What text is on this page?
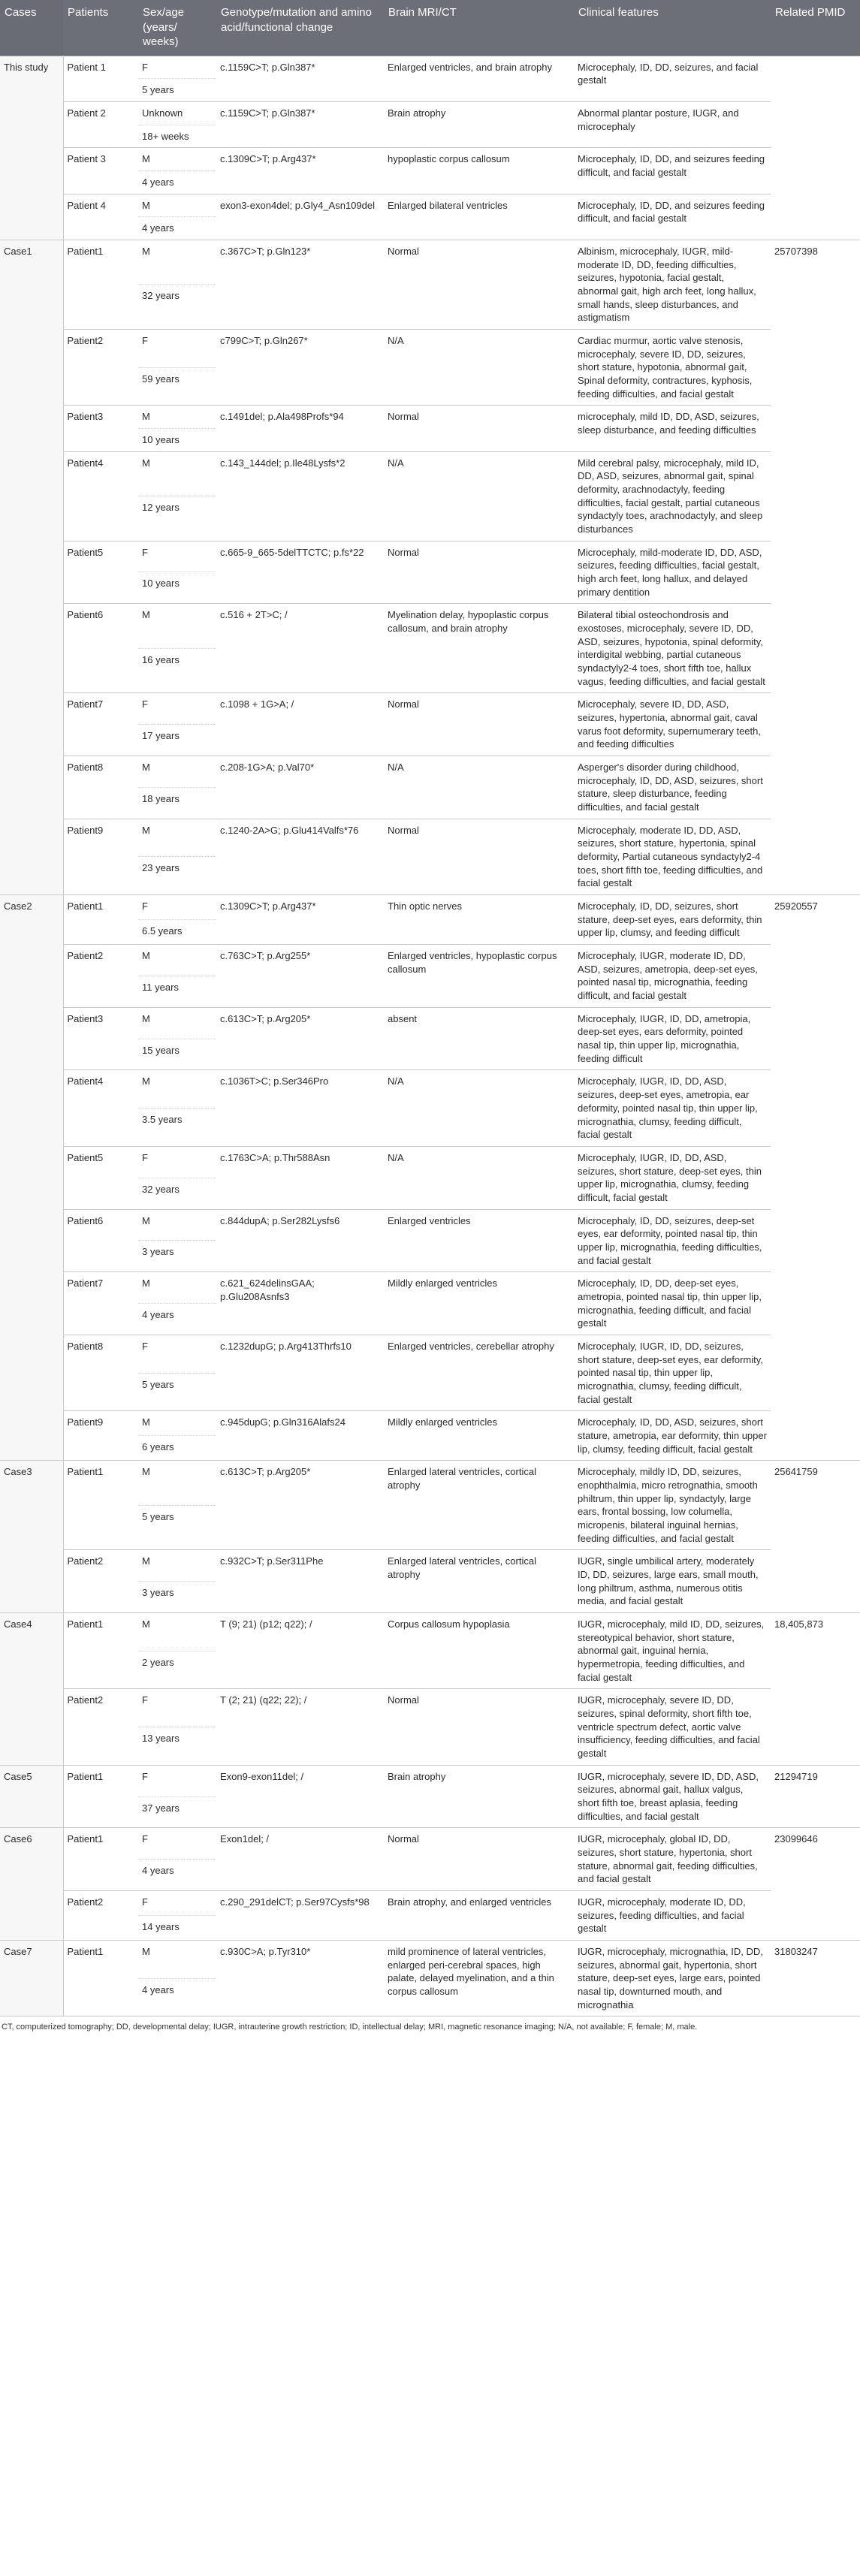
Cases	Patients	Sex/age (years/ weeks)	Genotype/mutation and amino acid/functional change	Brain MRI/CT	Clinical features	Related PMID
This study	Patient 1	F	c.1159C>T; p.Gln387*	Enlarged ventricles, and brain atrophy	Microcephaly, ID, DD, seizures, and facial gestalt	
		5 years				
	Patient 2	Unknown	c.1159C>T; p.Gln387*	Brain atrophy	Abnormal plantar posture, IUGR, and microcephaly	
		18+ weeks				
	Patient 3	M	c.1309C>T; p.Arg437*	hypoplastic corpus callosum	Microcephaly, ID, DD, and seizures feeding difficult, and facial gestalt	
		4 years				
	Patient 4	M	exon3-exon4del; p.Gly4_Asn109del	Enlarged bilateral ventricles	Microcephaly, ID, DD, and seizures feeding difficult, and facial gestalt	
		4 years				
Case1	Patient1	M	c.367C>T; p.Gln123*	Normal	Albinism, microcephaly, IUGR, mild-moderate ID, DD, feeding difficulties, seizures, hypotonia, facial gestalt, abnormal gait, high arch feet, long hallux, small hands, sleep disturbances, and astigmatism	25707398
		32 years				
	Patient2	F	c799C>T; p.Gln267*	N/A	Cardiac murmur, aortic valve stenosis, microcephaly, severe ID, DD, seizures, short stature, hypotonia, abnormal gait, Spinal deformity, contractures, kyphosis, feeding difficulties, and facial gestalt	
		59 years				
	Patient3	M	c.1491del; p.Ala498Profs*94	Normal	microcephaly, mild ID, DD, ASD, seizures, sleep disturbance, and feeding difficulties	
		10 years				
	Patient4	M	c.143_144del; p.Ile48Lysfs*2	N/A	Mild cerebral palsy, microcephaly, mild ID, DD, ASD, seizures, abnormal gait, spinal deformity, arachnodactyly, feeding difficulties, facial gestalt, partial cutaneous syndactyly toes, arachnodactyly, and sleep disturbances	
		12 years				
	Patient5	F	c.665-9_665-5delTTCTC; p.fs*22	Normal	Microcephaly, mild-moderate ID, DD, ASD, seizures, feeding difficulties, facial gestalt, high arch feet, long hallux, and delayed primary dentition	
		10 years				
	Patient6	M	c.516 + 2T>C; /	Myelination delay, hypoplastic corpus callosum, and brain atrophy	Bilateral tibial osteochondrosis and exostoses, microcephaly, severe ID, DD, ASD, seizures, hypotonia, spinal deformity, interdigital webbing, partial cutaneous syndactyly2-4 toes, short fifth toe, hallux vagus, feeding difficulties, and facial gestalt	
		16 years				
	Patient7	F	c.1098 + 1G>A; /	Normal	Microcephaly, severe ID, DD, ASD, seizures, hypertonia, abnormal gait, caval varus foot deformity, supernumerary teeth, and feeding difficulties	
		17 years				
	Patient8	M	c.208-1G>A; p.Val70*	N/A	Asperger's disorder during childhood, microcephaly, ID, DD, ASD, seizures, short stature, sleep disturbance, feeding difficulties, and facial gestalt	
		18 years				
	Patient9	M	c.1240-2A>G; p.Glu414Valfs*76	Normal	Microcephaly, moderate ID, DD, ASD, seizures, short stature, hypertonia, spinal deformity, Partial cutaneous syndactyly2-4 toes, short fifth toe, feeding difficulties, and facial gestalt	
		23 years				
Case2	Patient1	F	c.1309C>T; p.Arg437*	Thin optic nerves	Microcephaly, ID, DD, seizures, short stature, deep-set eyes, ears deformity, thin upper lip, clumsy, and feeding difficult	25920557
		6.5 years				
	Patient2	M	c.763C>T; p.Arg255*	Enlarged ventricles, hypoplastic corpus callosum	Microcephaly, IUGR, moderate ID, DD, ASD, seizures, ametropia, deep-set eyes, pointed nasal tip, micrognathia, feeding difficult, and facial gestalt	
		11 years				
	Patient3	M	c.613C>T; p.Arg205*	absent	Microcephaly, IUGR, ID, DD, ametropia, deep-set eyes, ears deformity, pointed nasal tip, thin upper lip, micrognathia, feeding difficult	
		15 years				
	Patient4	M	c.1036T>C; p.Ser346Pro	N/A	Microcephaly, IUGR, ID, DD, ASD, seizures, deep-set eyes, ametropia, ear deformity, pointed nasal tip, thin upper lip, micrognathia, clumsy, feeding difficult, facial gestalt	
		3.5 years				
	Patient5	F	c.1763C>A; p.Thr588Asn	N/A	Microcephaly, IUGR, ID, DD, ASD, seizures, short stature, deep-set eyes, thin upper lip, micrognathia, clumsy, feeding difficult, facial gestalt	
		32 years				
	Patient6	M	c.844dupA; p.Ser282Lysfs6	Enlarged ventricles	Microcephaly, ID, DD, seizures, deep-set eyes, ear deformity, pointed nasal tip, thin upper lip, micrognathia, feeding difficulties, and facial gestalt	
		3 years				
	Patient7	M	c.621_624delinsGAA; p.Glu208Asnfs3	Mildly enlarged ventricles	Microcephaly, ID, DD, deep-set eyes, ametropia, pointed nasal tip, thin upper lip, micrognathia, feeding difficult, and facial gestalt	
		4 years				
	Patient8	F	c.1232dupG; p.Arg413Thrfs10	Enlarged ventricles, cerebellar atrophy	Microcephaly, IUGR, ID, DD, seizures, short stature, deep-set eyes, ear deformity, pointed nasal tip, thin upper lip, micrognathia, clumsy, feeding difficult, facial gestalt	
		5 years				
	Patient9	M	c.945dupG; p.Gln316Alafs24	Mildly enlarged ventricles	Microcephaly, ID, DD, ASD, seizures, short stature, ametropia, ear deformity, thin upper lip, clumsy, feeding difficult, facial gestalt	
		6 years				
Case3	Patient1	M	c.613C>T; p.Arg205*	Enlarged lateral ventricles, cortical atrophy	Microcephaly, mildly ID, DD, seizures, enophthalmia, micro retrognathia, smooth philtrum, thin upper lip, syndactyly, large ears, frontal bossing, low columella, micropenis, bilateral inguinal hernias, feeding difficulties, and facial gestalt	25641759
		5 years				
	Patient2	M	c.932C>T; p.Ser311Phe	Enlarged lateral ventricles, cortical atrophy	IUGR, single umbilical artery, moderately ID, DD, seizures, large ears, small mouth, long philtrum, asthma, numerous otitis media, and facial gestalt	
		3 years				
Case4	Patient1	M	T (9; 21) (p12; q22); /	Corpus callosum hypoplasia	IUGR, microcephaly, mild ID, DD, seizures, stereotypical behavior, short stature, abnormal gait, inguinal hernia, hypermetropia, feeding difficulties, and facial gestalt	18,405,873
		2 years				
	Patient2	F	T (2; 21) (q22; 22); /	Normal	IUGR, microcephaly, severe ID, DD, seizures, spinal deformity, short fifth toe, ventricle spectrum defect, aortic valve insufficiency, feeding difficulties, and facial gestalt	
		13 years				
Case5	Patient1	F	Exon9-exon11del; /	Brain atrophy	IUGR, microcephaly, severe ID, DD, ASD, seizures, abnormal gait, hallux valgus, short fifth toe, breast aplasia, feeding difficulties, and facial gestalt	21294719
		37 years				
Case6	Patient1	F	Exon1del; /	Normal	IUGR, microcephaly, global ID, DD, seizures, short stature, hypertonia, short stature, abnormal gait, feeding difficulties, and facial gestalt	23099646
		4 years				
	Patient2	F	c.290_291delCT; p.Ser97Cysfs*98	Brain atrophy, and enlarged ventricles	IUGR, microcephaly, moderate ID, DD, seizures, feeding difficulties, and facial gestalt	
		14 years				
Case7	Patient1	M	c.930C>A; p.Tyr310*	mild prominence of lateral ventricles, enlarged peri-cerebral spaces, high palate, delayed myelination, and a thin corpus callosum	IUGR, microcephaly, micrognathia, ID, DD, seizures, abnormal gait, hypertonia, short stature, deep-set eyes, large ears, pointed nasal tip, downturned mouth, and micrognathia	31803247
		4 years				
CT, computerized tomography; DD, developmental delay; IUGR, intrauterine growth restriction; ID, intellectual delay; MRI, magnetic resonance imaging; N/A, not available; F, female; M, male.
